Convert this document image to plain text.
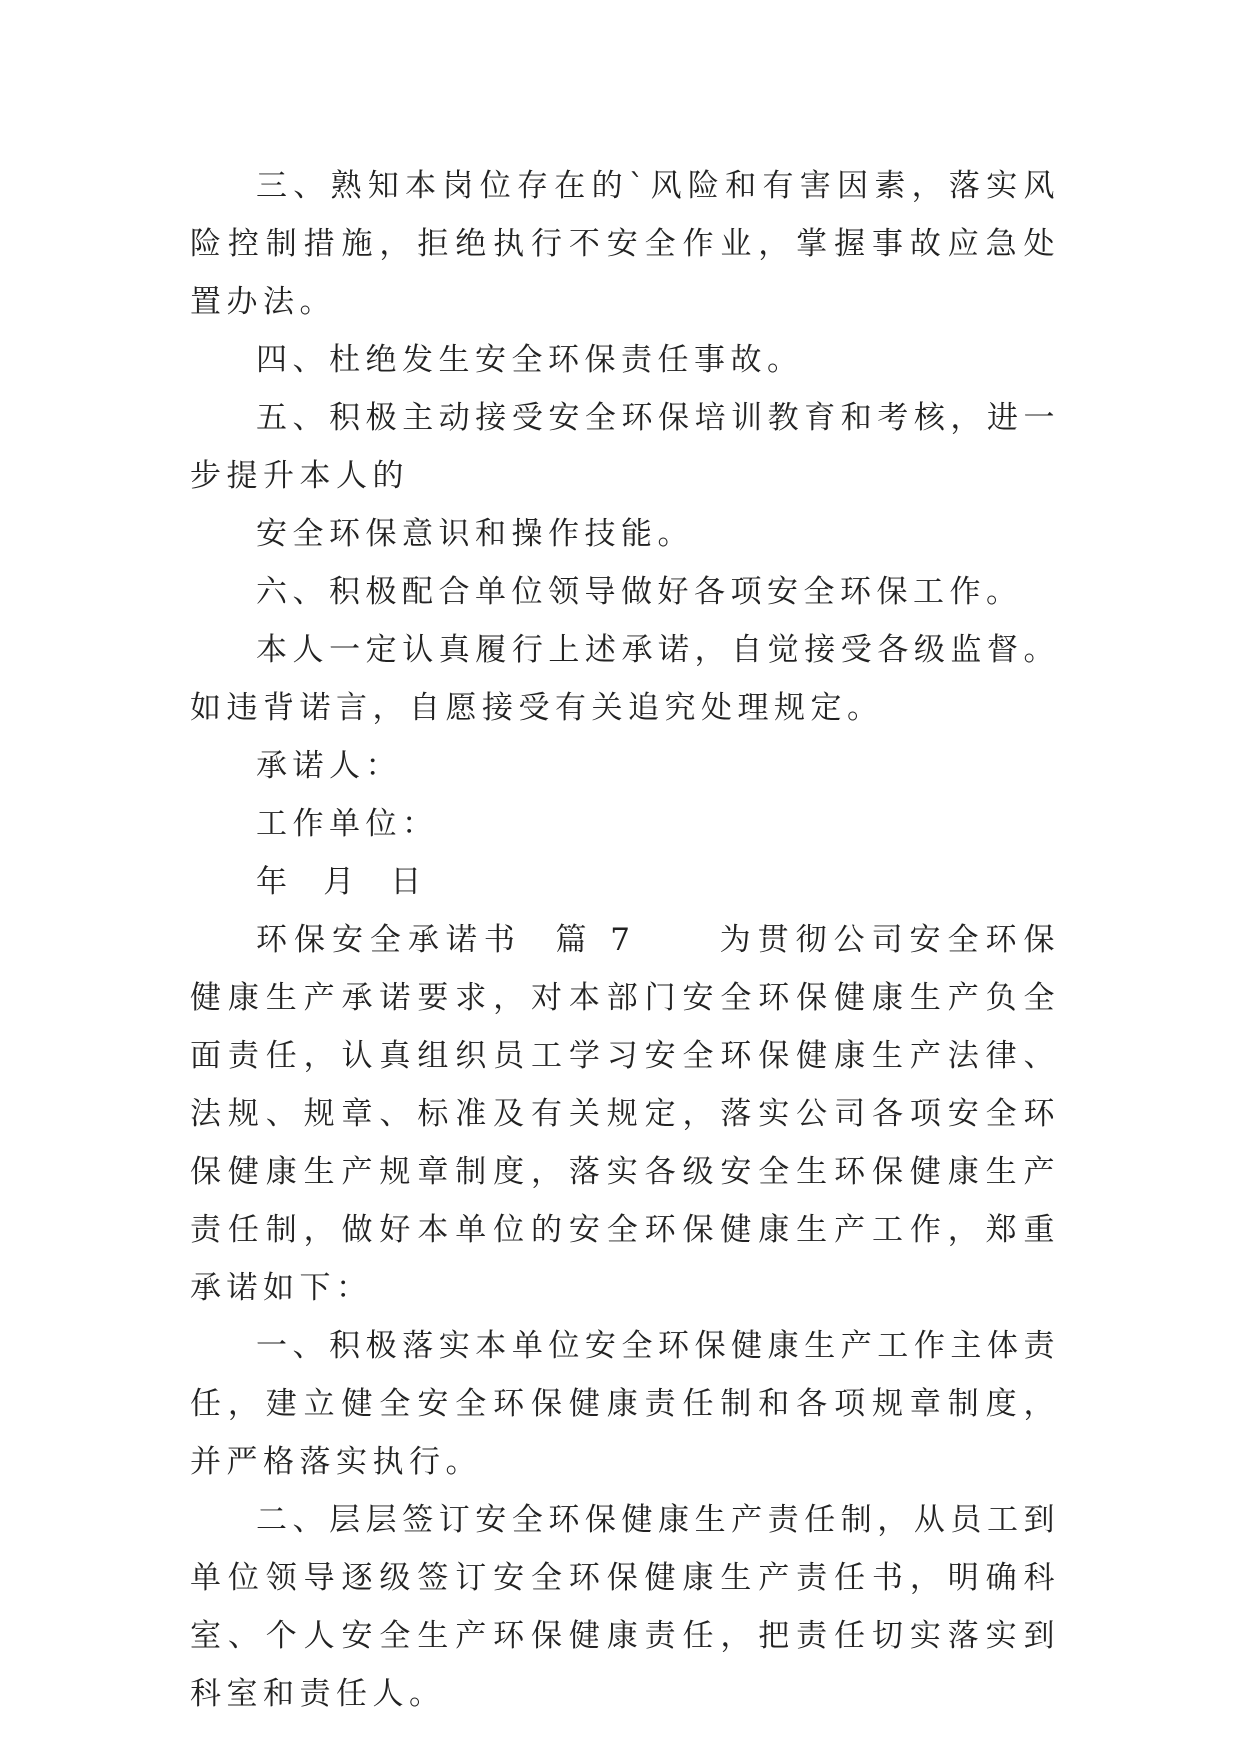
三、熟知本岗位存在的`风险和有害因素，落实风险控制措施，拒绝执行不安全作业，掌握事故应急处置办法。

四、杜绝发生安全环保责任事故。

五、积极主动接受安全环保培训教育和考核，进一步提升本人的

安全环保意识和操作技能。

六、积极配合单位领导做好各项安全环保工作。

本人一定认真履行上述承诺，自觉接受各级监督。如违背诺言，自愿接受有关追究处理规定。

承诺人：

工作单位：

年  月  日

环保安全承诺书  篇 7     为贯彻公司安全环保健康生产承诺要求，对本部门安全环保健康生产负全面责任，认真组织员工学习安全环保健康生产法律、法规、规章、标准及有关规定，落实公司各项安全环保健康生产规章制度，落实各级安全生环保健康生产责任制，做好本单位的安全环保健康生产工作，郑重承诺如下：

一、积极落实本单位安全环保健康生产工作主体责任，建立健全安全环保健康责任制和各项规章制度，并严格落实执行。

二、层层签订安全环保健康生产责任制，从员工到单位领导逐级签订安全环保健康生产责任书，明确科室、个人安全生产环保健康责任，把责任切实落实到科室和责任人。
